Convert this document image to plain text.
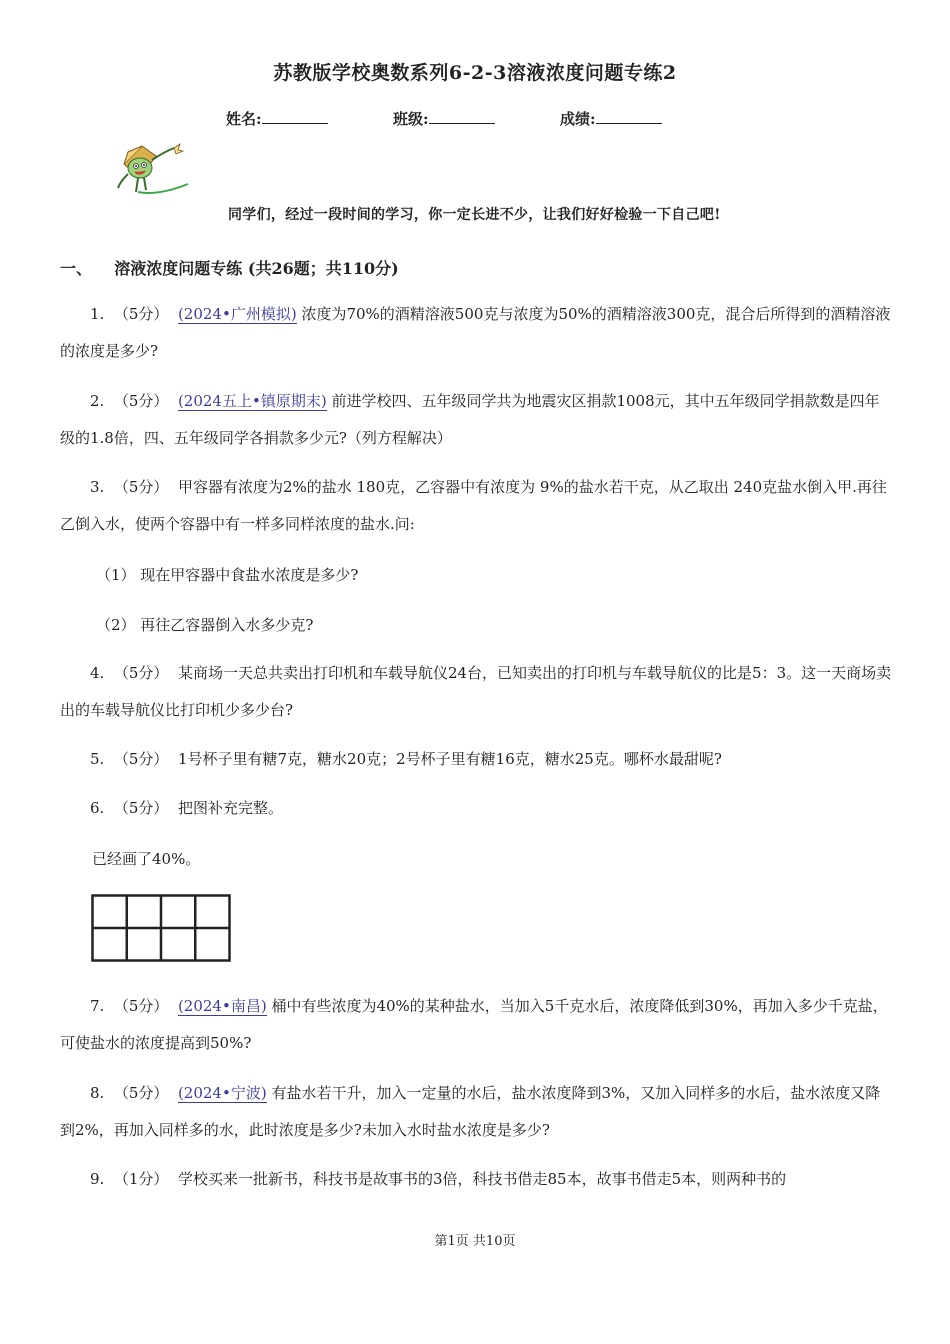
苏教版学校奥数系列6-2-3溶液浓度问题专练2
姓名:	班级:	成绩:
同学们，经过一段时间的学习，你一定长进不少，让我们好好检验一下自己吧!
一、 溶液浓度问题专练 (共26题；共110分)
1. （5分） (2024•广州模拟) 浓度为70%的酒精溶液500克与浓度为50%的酒精溶液300克，混合后所得到的酒精溶液的浓度是多少?
2. （5分） (2024五上•镇原期末) 前进学校四、五年级同学共为地震灾区捐款1008元，其中五年级同学捐款数是四年级的1.8倍，四、五年级同学各捐款多少元?（列方程解决）
3. （5分） 甲容器有浓度为2%的盐水 180克，乙容器中有浓度为 9%的盐水若干克，从乙取出 240克盐水倒入甲.再往乙倒入水，使两个容器中有一样多同样浓度的盐水.问:
（1） 现在甲容器中食盐水浓度是多少?
（2） 再往乙容器倒入水多少克?
4. （5分） 某商场一天总共卖出打印机和车载导航仪24台，已知卖出的打印机与车载导航仪的比是5：3。这一天商场卖出的车载导航仪比打印机少多少台?
5. （5分） 1号杯子里有糖7克，糖水20克；2号杯子里有糖16克，糖水25克。哪杯水最甜呢?
6. （5分） 把图补充完整。
已经画了40%。
7. （5分） (2024•南昌) 桶中有些浓度为40%的某种盐水，当加入5千克水后，浓度降低到30%，再加入多少千克盐，可使盐水的浓度提高到50%?
8. （5分） (2024•宁波) 有盐水若干升，加入一定量的水后，盐水浓度降到3%，又加入同样多的水后，盐水浓度又降到2%，再加入同样多的水，此时浓度是多少?未加入水时盐水浓度是多少?
9. （1分） 学校买来一批新书，科技书是故事书的3倍，科技书借走85本，故事书借走5本，则两种书的
第1页 共10页
